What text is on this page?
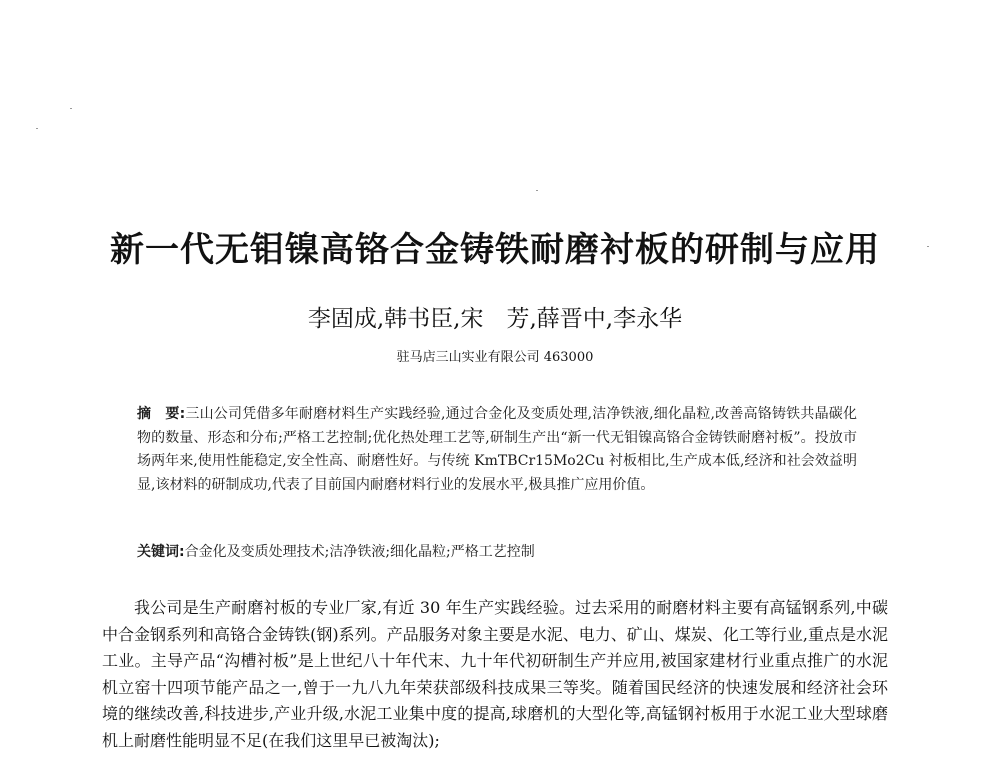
新一代无钼镍高铬合金铸铁耐磨衬板的研制与应用
李固成,韩书臣,宋　芳,薛晋中,李永华
驻马店三山实业有限公司 463000
摘　要:三山公司凭借多年耐磨材料生产实践经验,通过合金化及变质处理,洁净铁液,细化晶粒,改善高铬铸铁共晶碳化物的数量、形态和分布;严格工艺控制;优化热处理工艺等,研制生产出“新一代无钼镍高铬合金铸铁耐磨衬板”。投放市场两年来,使用性能稳定,安全性高、耐磨性好。与传统 KmTBCr15Mo2Cu 衬板相比,生产成本低,经济和社会效益明显,该材料的研制成功,代表了目前国内耐磨材料行业的发展水平,极具推广应用价值。
关键词:合金化及变质处理技术;洁净铁液;细化晶粒;严格工艺控制
我公司是生产耐磨衬板的专业厂家,有近 30 年生产实践经验。过去采用的耐磨材料主要有高锰钢系列,中碳中合金钢系列和高铬合金铸铁(钢)系列。产品服务对象主要是水泥、电力、矿山、煤炭、化工等行业,重点是水泥工业。主导产品“沟槽衬板”是上世纪八十年代末、九十年代初研制生产并应用,被国家建材行业重点推广的水泥机立窑十四项节能产品之一,曾于一九八九年荣获部级科技成果三等奖。随着国民经济的快速发展和经济社会环境的继续改善,科技进步,产业升级,水泥工业集中度的提高,球磨机的大型化等,高锰钢衬板用于水泥工业大型球磨机上耐磨性能明显不足(在我们这里早已被淘汰);
